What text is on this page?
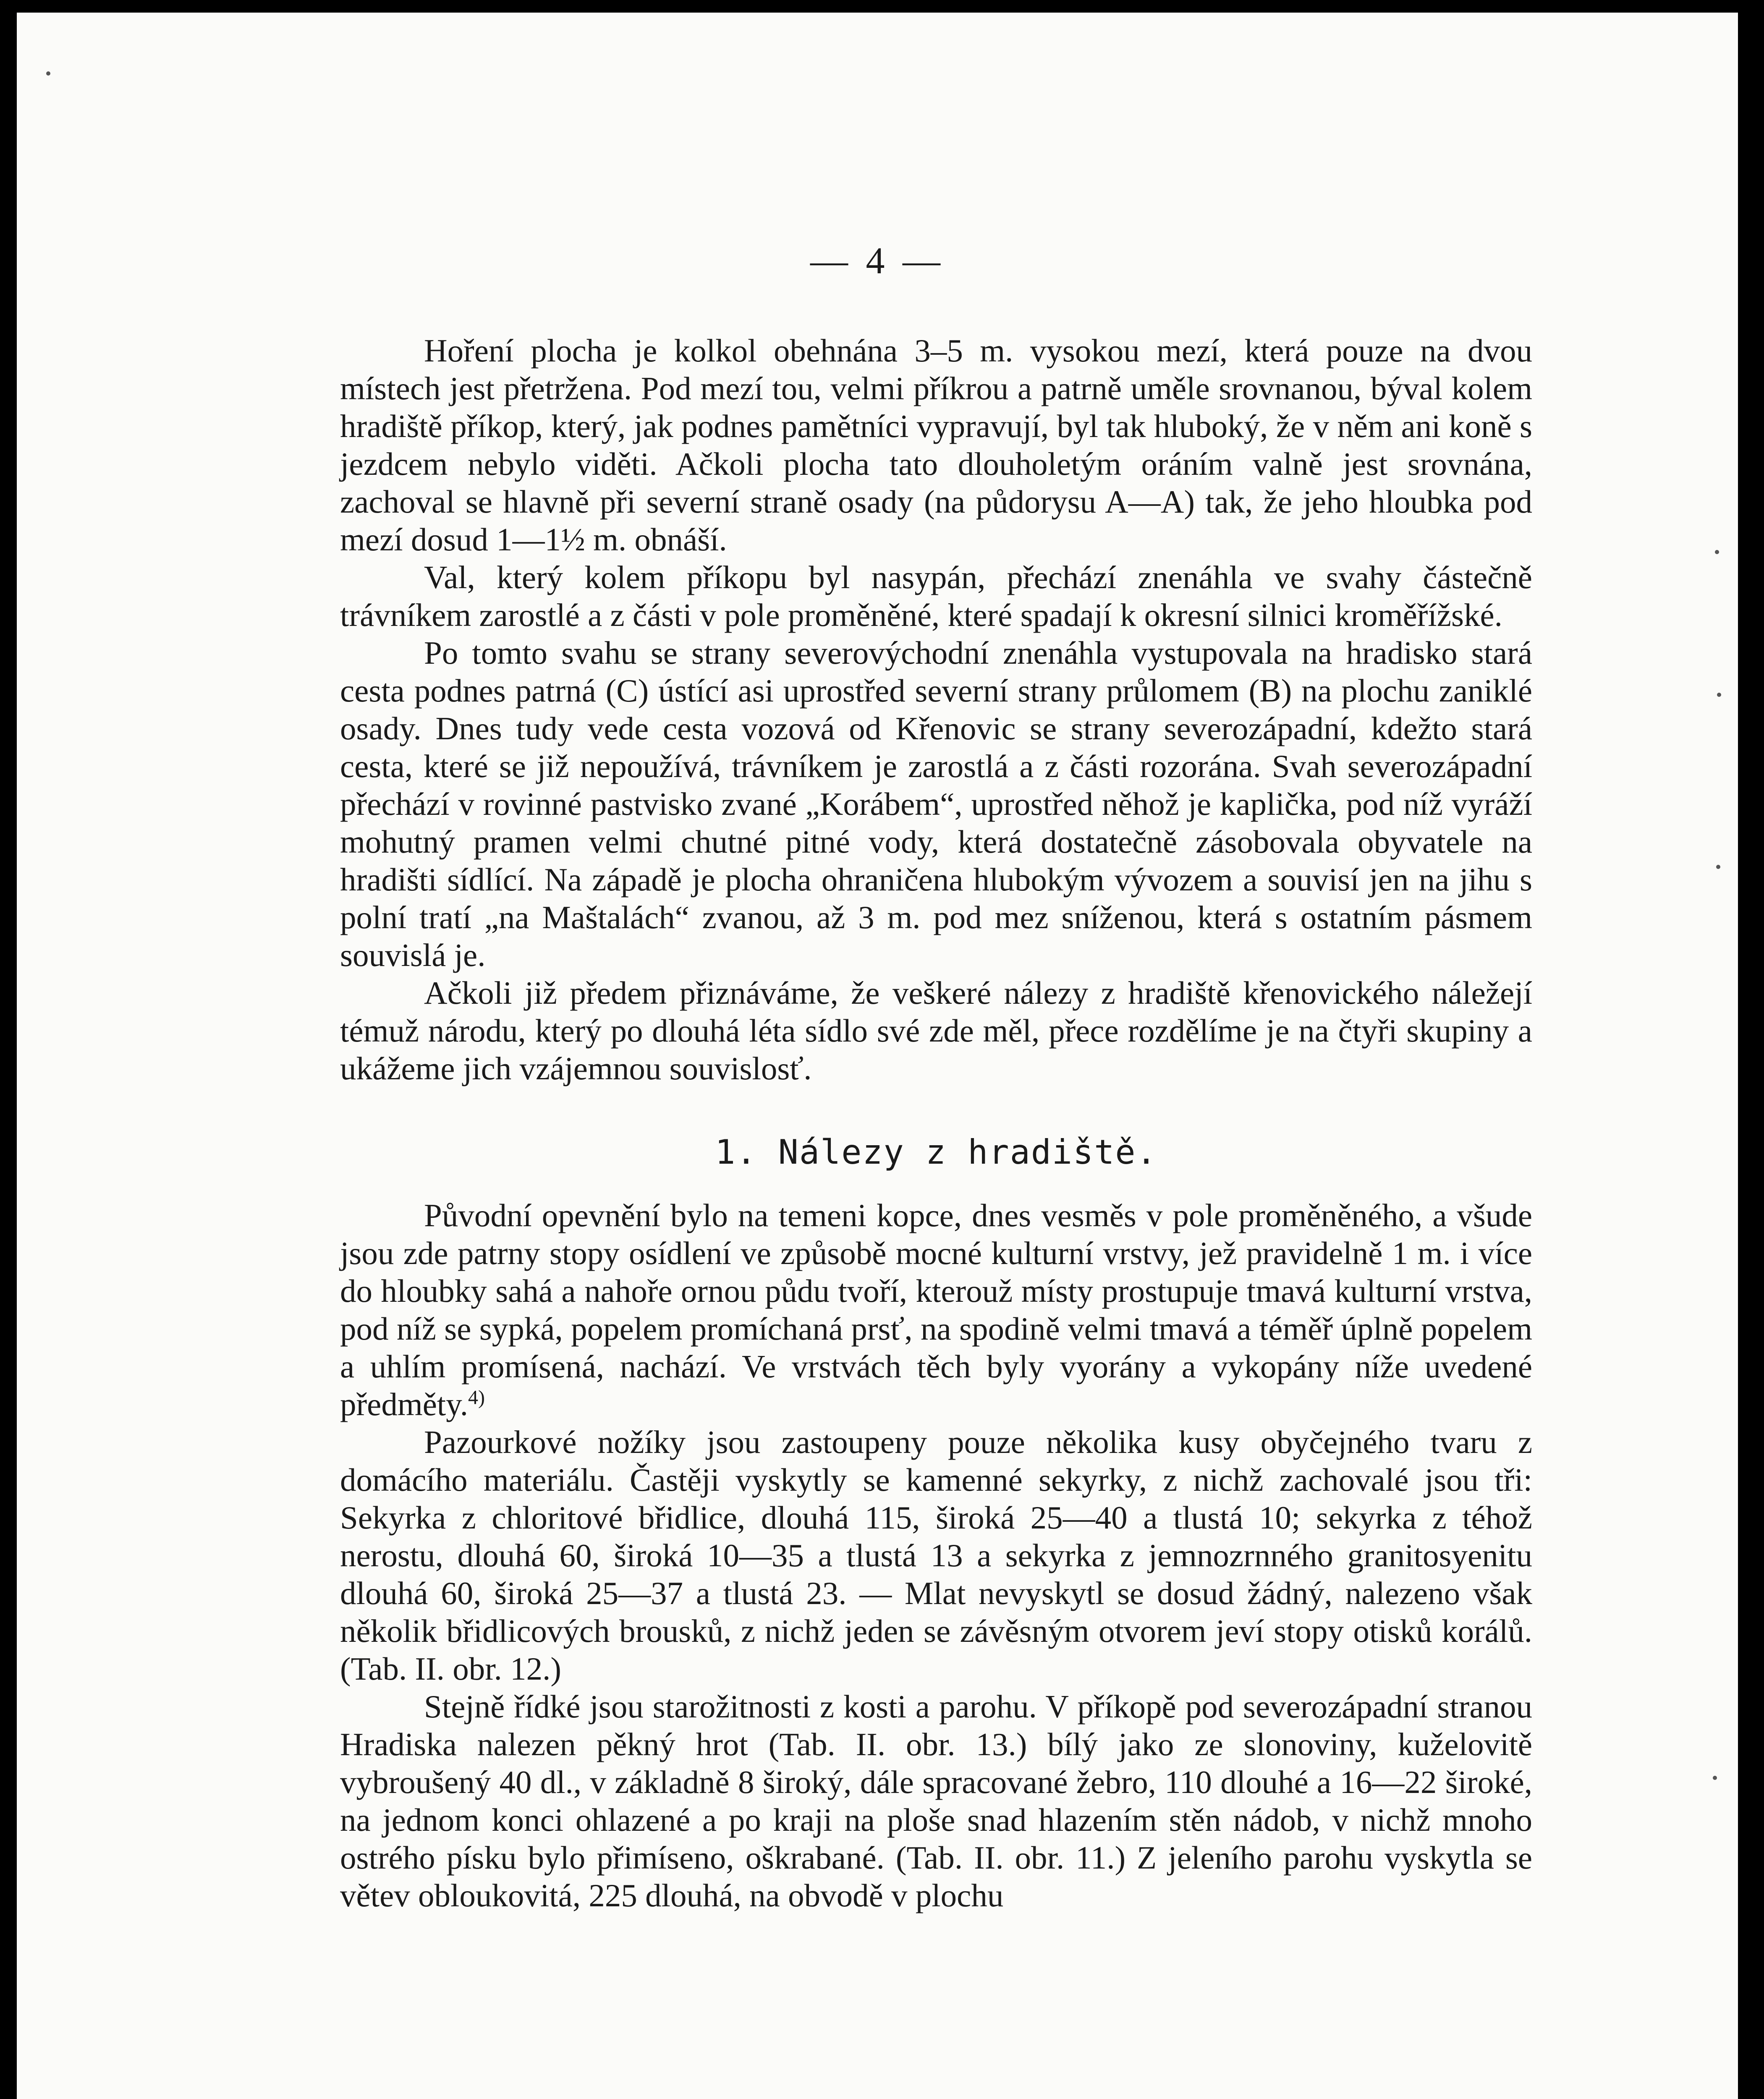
— 4 —

Hoření plocha je kolkol obehnána 3–5 m. vysokou mezí, která pouze na dvou místech jest přetržena. Pod mezí tou, velmi příkrou a patrně uměle srovnanou, býval kolem hradiště příkop, který, jak podnes pamětníci vypravují, byl tak hluboký, že v něm ani koně s jezdcem nebylo viděti. Ačkoli plocha tato dlouholetým oráním valně jest srovnána, zachoval se hlavně při severní straně osady (na půdorysu A—A) tak, že jeho hloubka pod mezí dosud 1—1½ m. obnáší.

Val, který kolem příkopu byl nasypán, přechází znenáhla ve svahy částečně trávníkem zarostlé a z části v pole proměněné, které spadají k okresní silnici kroměřížské.

Po tomto svahu se strany severovýchodní znenáhla vystupovala na hradisko stará cesta podnes patrná (C) ústící asi uprostřed severní strany průlomem (B) na plochu zaniklé osady. Dnes tudy vede cesta vozová od Křenovic se strany severozápadní, kdežto stará cesta, které se již nepoužívá, trávníkem je zarostlá a z části rozorána. Svah severozápadní přechází v rovinné pastvisko zvané „Korábem“, uprostřed něhož je kaplička, pod níž vyráží mohutný pramen velmi chutné pitné vody, která dostatečně zásobovala obyvatele na hradišti sídlící. Na západě je plocha ohraničena hlubokým vývozem a souvisí jen na jihu s polní tratí „na Maštalách“ zvanou, až 3 m. pod mez sníženou, která s ostatním pásmem souvislá je.

Ačkoli již předem přiznáváme, že veškeré nálezy z hradiště křenovického náležejí témuž národu, který po dlouhá léta sídlo své zde měl, přece rozdělíme je na čtyři skupiny a ukážeme jich vzájemnou souvislosť.

1. Nálezy z hradiště.

Původní opevnění bylo na temeni kopce, dnes vesměs v pole proměněného, a všude jsou zde patrny stopy osídlení ve způsobě mocné kulturní vrstvy, jež pravidelně 1 m. i více do hloubky sahá a nahoře ornou půdu tvoří, kterouž místy prostupuje tmavá kulturní vrstva, pod níž se sypká, popelem promíchaná prsť, na spodině velmi tmavá a téměř úplně popelem a uhlím promísená, nachází. Ve vrstvách těch byly vyorány a vykopány níže uvedené předměty.$^{4)}$

Pazourkové nožíky jsou zastoupeny pouze několika kusy obyčejného tvaru z domácího materiálu. Častěji vyskytly se kamenné sekyrky, z nichž zachovalé jsou tři: Sekyrka z chloritové břidlice, dlouhá 115, široká 25—40 a tlustá 10; sekyrka z téhož nerostu, dlouhá 60, široká 10—35 a tlustá 13 a sekyrka z jemnozrnného granitosyenitu dlouhá 60, široká 25—37 a tlustá 23. — Mlat nevyskytl se dosud žádný, nalezeno však několik břidlicových brousků, z nichž jeden se závěsným otvorem jeví stopy otisků korálů. (Tab. II. obr. 12.)

Stejně řídké jsou starožitnosti z kosti a parohu. V příkopě pod severozápadní stranou Hradiska nalezen pěkný hrot (Tab. II. obr. 13.) bílý jako ze slonoviny, kuželovitě vybroušený 40 dl., v základně 8 široký, dále spracované žebro, 110 dlouhé a 16—22 široké, na jednom konci ohlazené a po kraji na ploše snad hlazením stěn nádob, v nichž mnoho ostrého písku bylo přimíseno, oškrabané. (Tab. II. obr. 11.) Z jeleního parohu vyskytla se větev obloukovitá, 225 dlouhá, na obvodě v plochu
